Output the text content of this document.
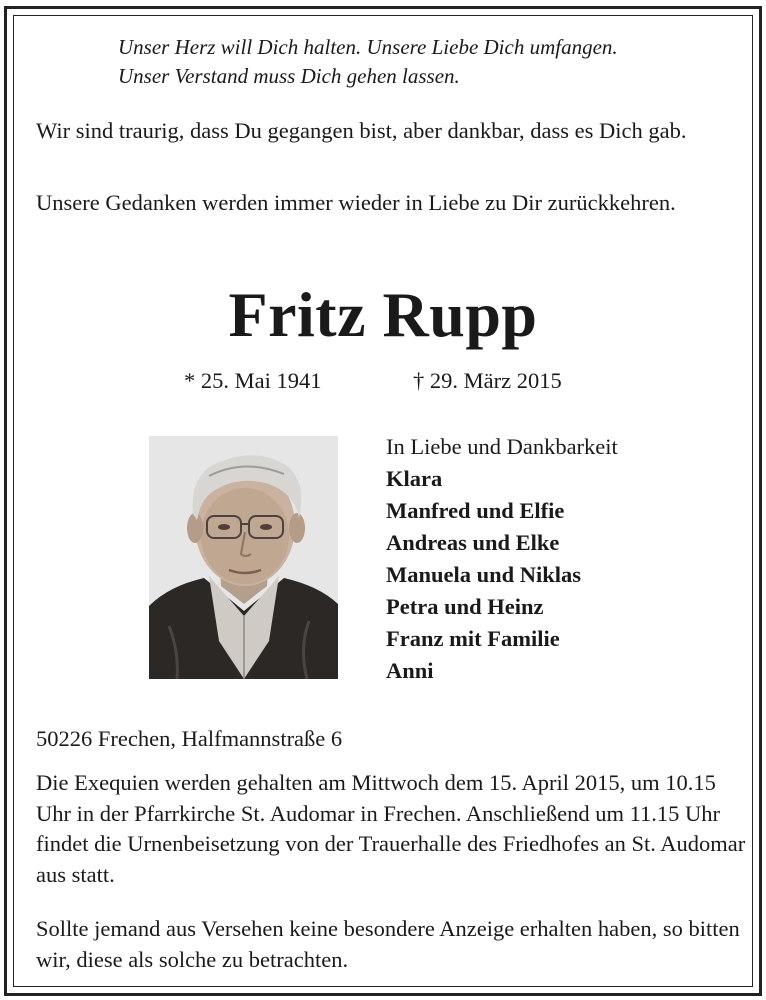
Unser Herz will Dich halten. Unsere Liebe Dich umfangen.
Unser Verstand muss Dich gehen lassen.
Wir sind traurig, dass Du gegangen bist, aber dankbar, dass es Dich gab.
Unsere Gedanken werden immer wieder in Liebe zu Dir zurückkehren.
Fritz Rupp
* 25. Mai 1941	† 29. März 2015
In Liebe und Dankbarkeit
Klara
Manfred und Elfie
Andreas und Elke
Manuela und Niklas
Petra und Heinz
Franz mit Familie
Anni
50226 Frechen, Halfmannstraße 6
Die Exequien werden gehalten am Mittwoch dem 15. April 2015, um 10.15 Uhr in der Pfarrkirche St. Audomar in Frechen. Anschließend um 11.15 Uhr findet die Urnenbeisetzung von der Trauerhalle des Friedhofes an St. Audomar aus statt.
Sollte jemand aus Versehen keine besondere Anzeige erhalten haben, so bitten wir, diese als solche zu betrachten.
